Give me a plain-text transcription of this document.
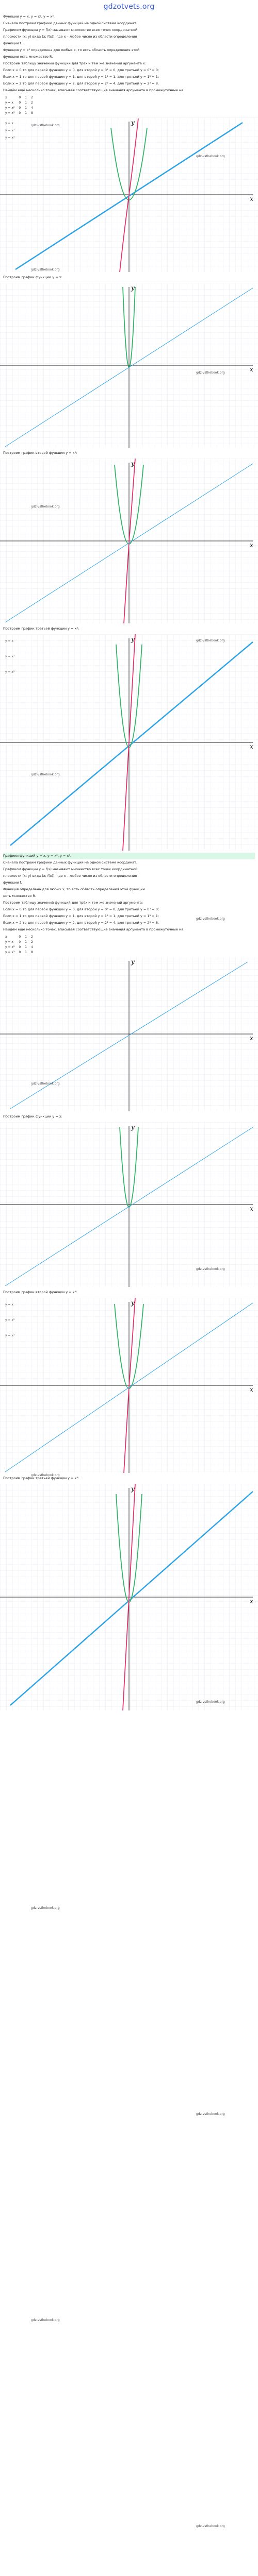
gdzotvets.org

Функции y = x, y = x², y = x³.

Сначала построим графики данных функций на одной системе координат.

Графиком функции y = f(x) называют множество всех точек координатной

плоскости (x; y) вида (x; f(x)), где x – любое число из области определения

функции f.

Функция y = x² определена для любых x, то есть область определения этой

функции есть множество R.

Построим таблицу значений функций для трёх и тем же значений аргумента x:

Если x = 0 то для первой функции y = 0, для второй y = 0² = 0, для третьей y = 0³ = 0;

Если x = 1 то для первой функции y = 1, для второй y = 1² = 1, для третьей y = 1³ = 1;

Если x = 2 то для первой функции y = 2, для второй y = 2² = 4, для третьей y = 2³ = 8.

Найдём ещё несколько точек, вписывая соответствующие значения аргумента в промежуточные на:

x	0	1	2
y = x	0	1	2
y = x²	0	1	4
y = x³	0	1	8
x
y
y = x
y = x²
y = x³

Построим график функции y = x:

x
y

Построим график второй функции y = x²:

x
y

Построим график третьей функции y = x³:

x
y
y = x
y = x²
y = x³

Графики функций y = x, y = x², y = x³.

Сначала построим графики данных функций на одной системе координат.

Графиком функции y = f(x) называют множество всех точек координатной

плоскости (x; y) вида (x; f(x)), где x – любое число из области определения

функции f.

Функция определена для любых x, то есть область определения этой функции

есть множество R.

Построим таблицу значений функций для трёх и тем же значений аргумента:

Если x = 0 то для первой функции y = 0, для второй y = 0² = 0, для третьей y = 0³ = 0;

Если x = 1 то для первой функции y = 1, для второй y = 1² = 1, для третьей y = 1³ = 1;

Если x = 2 то для первой функции y = 2, для второй y = 2² = 4, для третьей y = 2³ = 8.

Найдём ещё несколько точек, вписывая соответствующие значения аргумента в промежуточные на:

x	0	1	2
y = x	0	1	2
y = x²	0	1	4
y = x³	0	1	8
x
y

Построим график функции y = x:

x
y

Построим график второй функции y = x²:

x
y
y = x
y = x²
y = x³

Построим график третьей функции y = x³:

x
y
gdz-vsthebook.org
gdz-vsthebook.org
gdz-vsthebook.org
gdz-vsthebook.org
gdz-vsthebook.org
gdz-vsthebook.org
gdz-vsthebook.org
gdz-vsthebook.org
gdz-vsthebook.org
gdz-vsthebook.org
gdz-vsthebook.org
gdz-vsthebook.org
gdz-vsthebook.org
gdz-vsthebook.org
gdz-vsthebook.org
gdz-vsthebook.org
